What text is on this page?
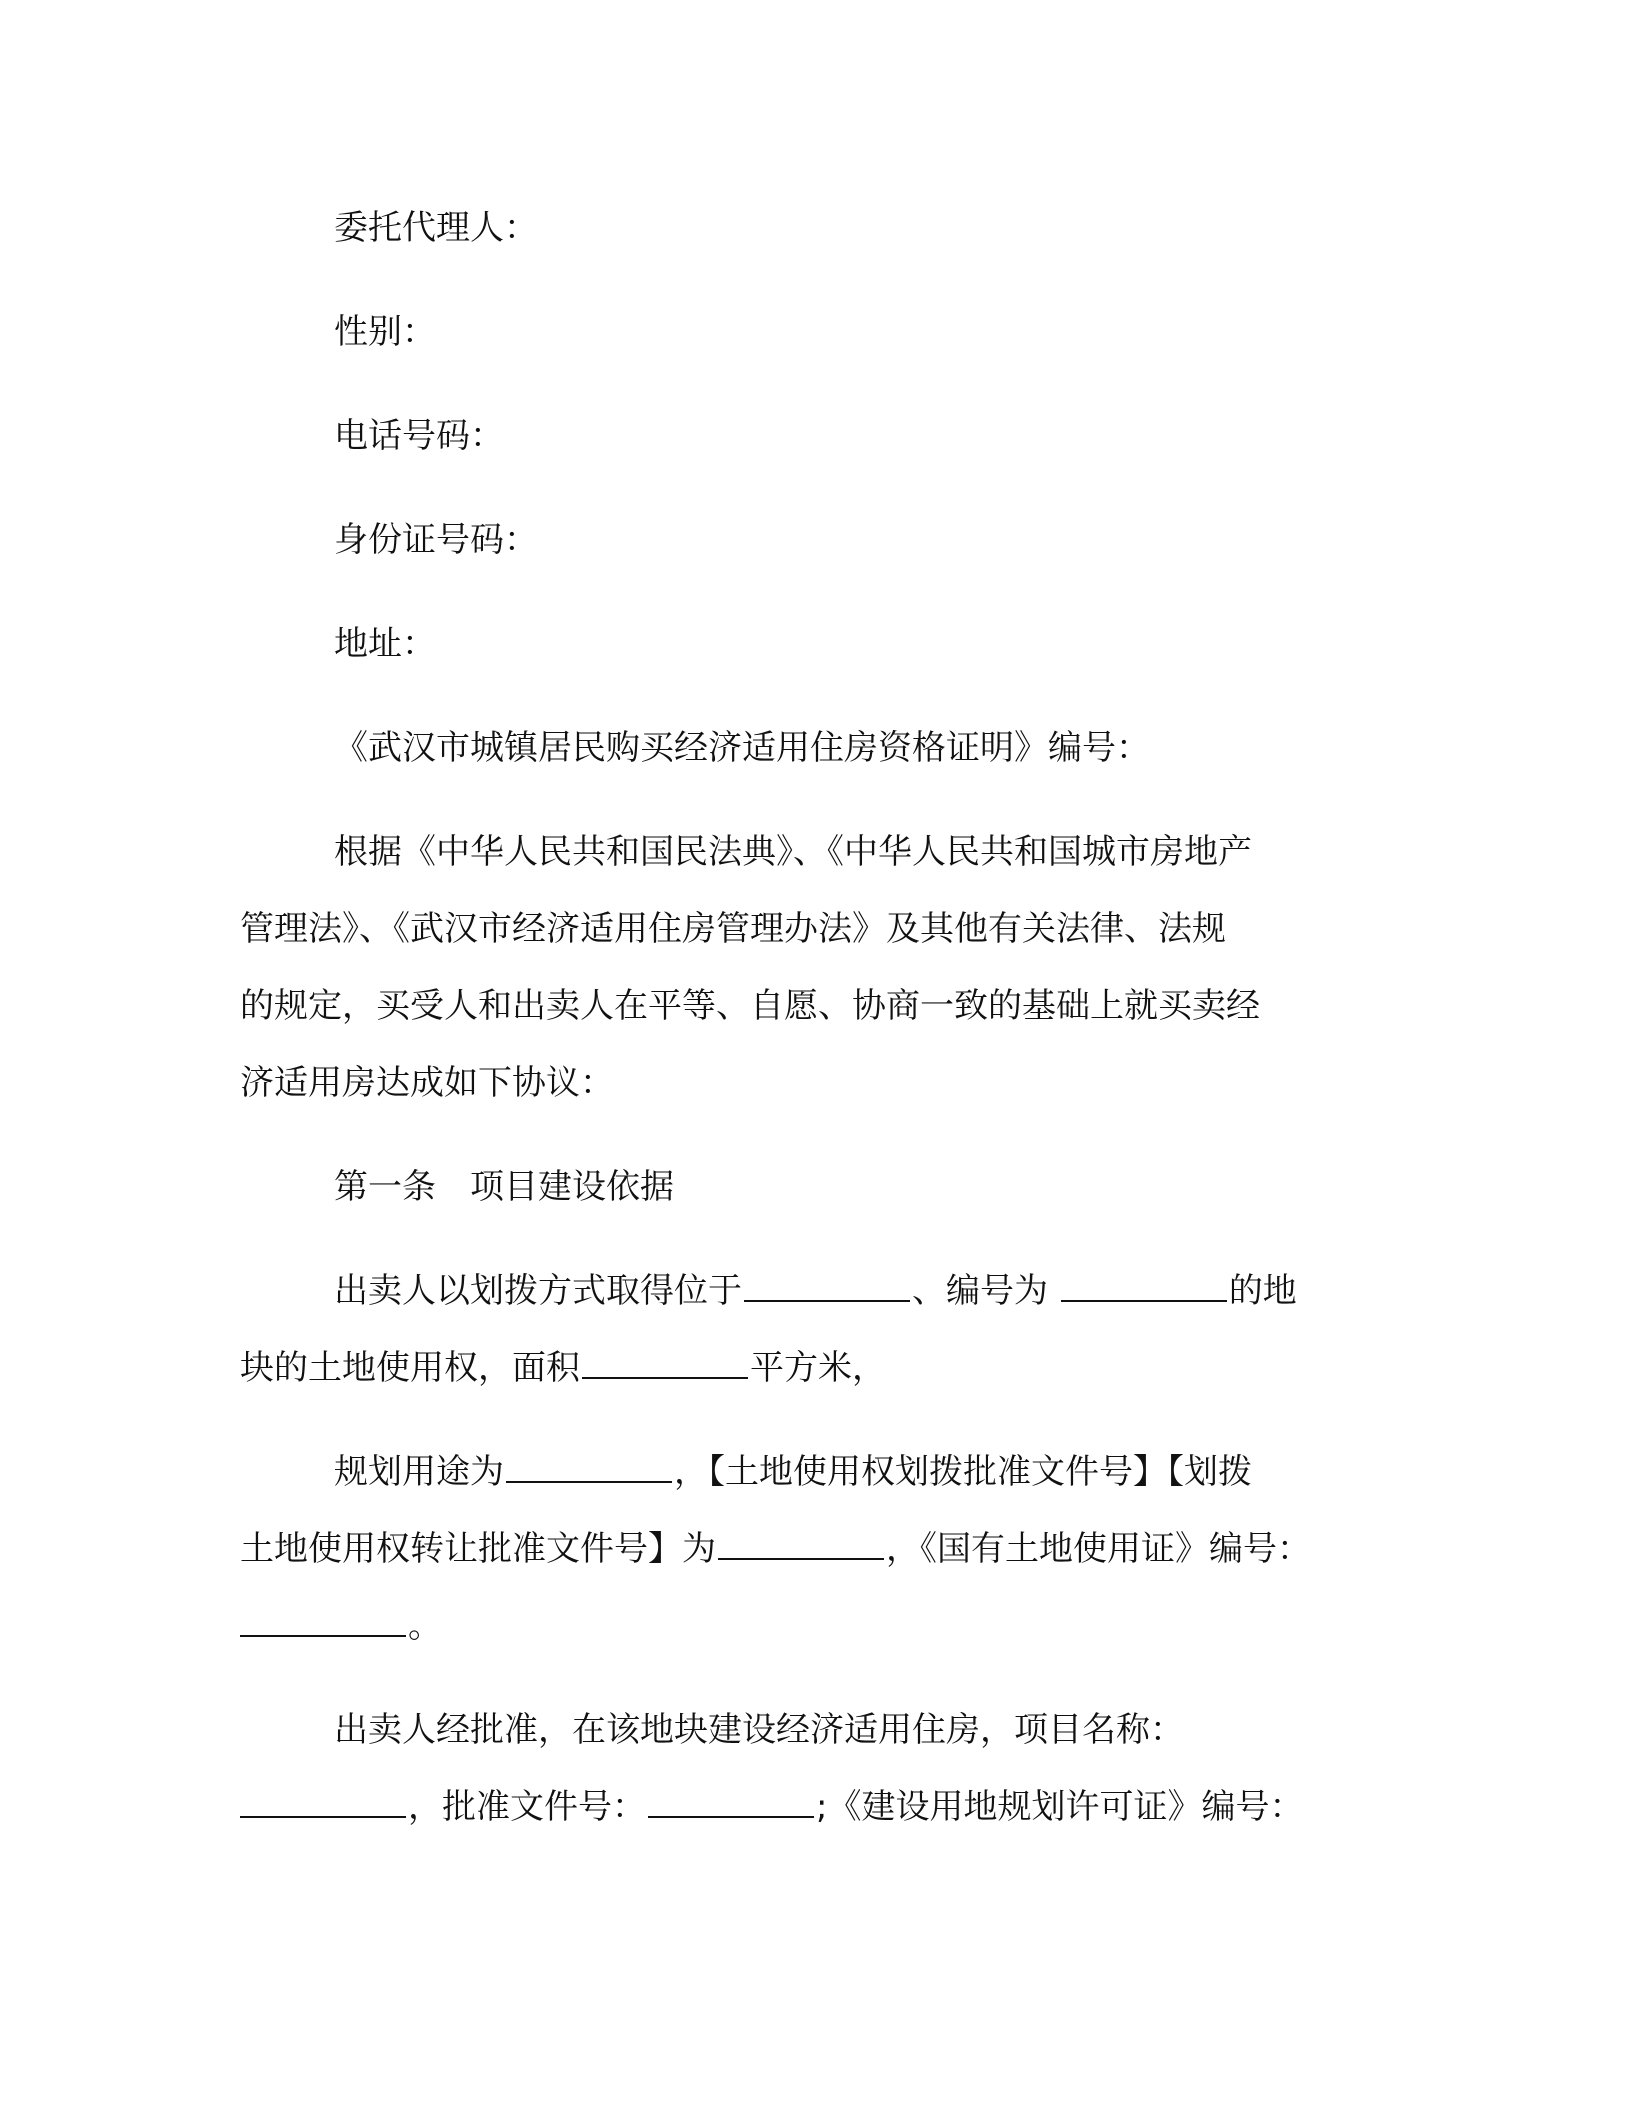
委托代理人：
性别：
电话号码：
身份证号码：
地址：
《武汉市城镇居民购买经济适用住房资格证明》编号：
根据《中华人民共和国民法典》、《中华人民共和国城市房地产
管理法》、《武汉市经济适用住房管理办法》及其他有关法律、法规
的规定，买受人和出卖人在平等、自愿、协商一致的基础上就买卖经
济适用房达成如下协议：
第一条　项目建设依据
出卖人以划拨方式取得位于	、编号为	的地
块的土地使用权，面积	平方米，
规划用途为	，【土地使用权划拨批准文件号】【划拨
土地使用权转让批准文件号】为	，《国有土地使用证》编号：
。
出卖人经批准，在该地块建设经济适用住房，项目名称：
，批准文件号：	;《建设用地规划许可证》编号：
